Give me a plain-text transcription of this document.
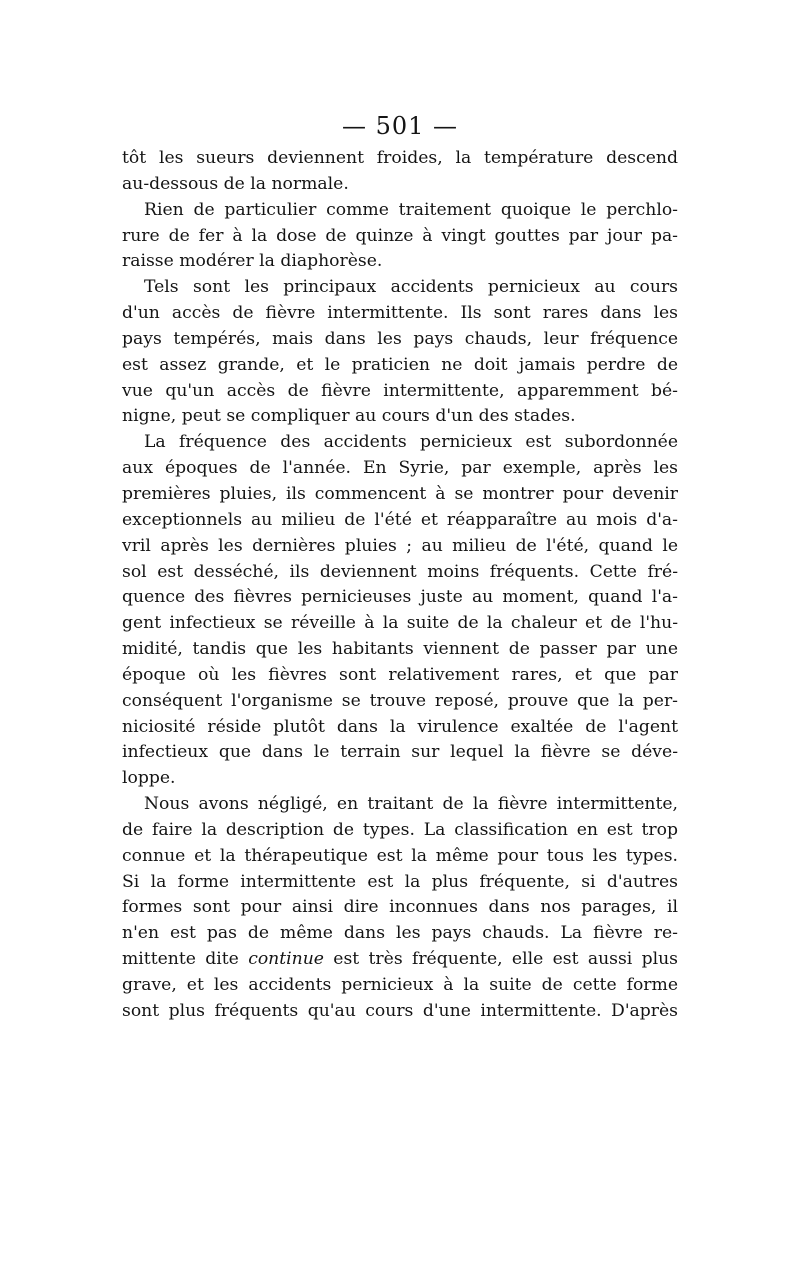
— 501 —
tôt les sueurs deviennent froides, la température descend
au-dessous de la normale.
Rien de particulier comme traitement quoique le perchlo-
rure de fer à la dose de quinze à vingt gouttes par jour pa-
raisse modérer la diaphorèse.
Tels sont les principaux accidents pernicieux au cours
d'un accès de fièvre intermittente. Ils sont rares dans les
pays tempérés, mais dans les pays chauds, leur fréquence
est assez grande, et le praticien ne doit jamais perdre de
vue qu'un accès de fièvre intermittente, apparemment bé-
nigne, peut se compliquer au cours d'un des stades.
La fréquence des accidents pernicieux est subordonnée
aux époques de l'année. En Syrie, par exemple, après les
premières pluies, ils commencent à se montrer pour devenir
exceptionnels au milieu de l'été et réapparaître au mois d'a-
vril après les dernières pluies ; au milieu de l'été, quand le
sol est desséché, ils deviennent moins fréquents. Cette fré-
quence des fièvres pernicieuses juste au moment, quand l'a-
gent infectieux se réveille à la suite de la chaleur et de l'hu-
midité, tandis que les habitants viennent de passer par une
époque où les fièvres sont relativement rares, et que par
conséquent l'organisme se trouve reposé, prouve que la per-
niciosité réside plutôt dans la virulence exaltée de l'agent
infectieux que dans le terrain sur lequel la fièvre se déve-
loppe.
Nous avons négligé, en traitant de la fièvre intermittente,
de faire la description de types. La classification en est trop
connue et la thérapeutique est la même pour tous les types.
Si la forme intermittente est la plus fréquente, si d'autres
formes sont pour ainsi dire inconnues dans nos parages, il
n'en est pas de même dans les pays chauds. La fièvre re-
mittente dite continue est très fréquente, elle est aussi plus
grave, et les accidents pernicieux à la suite de cette forme
sont plus fréquents qu'au cours d'une intermittente. D'après
